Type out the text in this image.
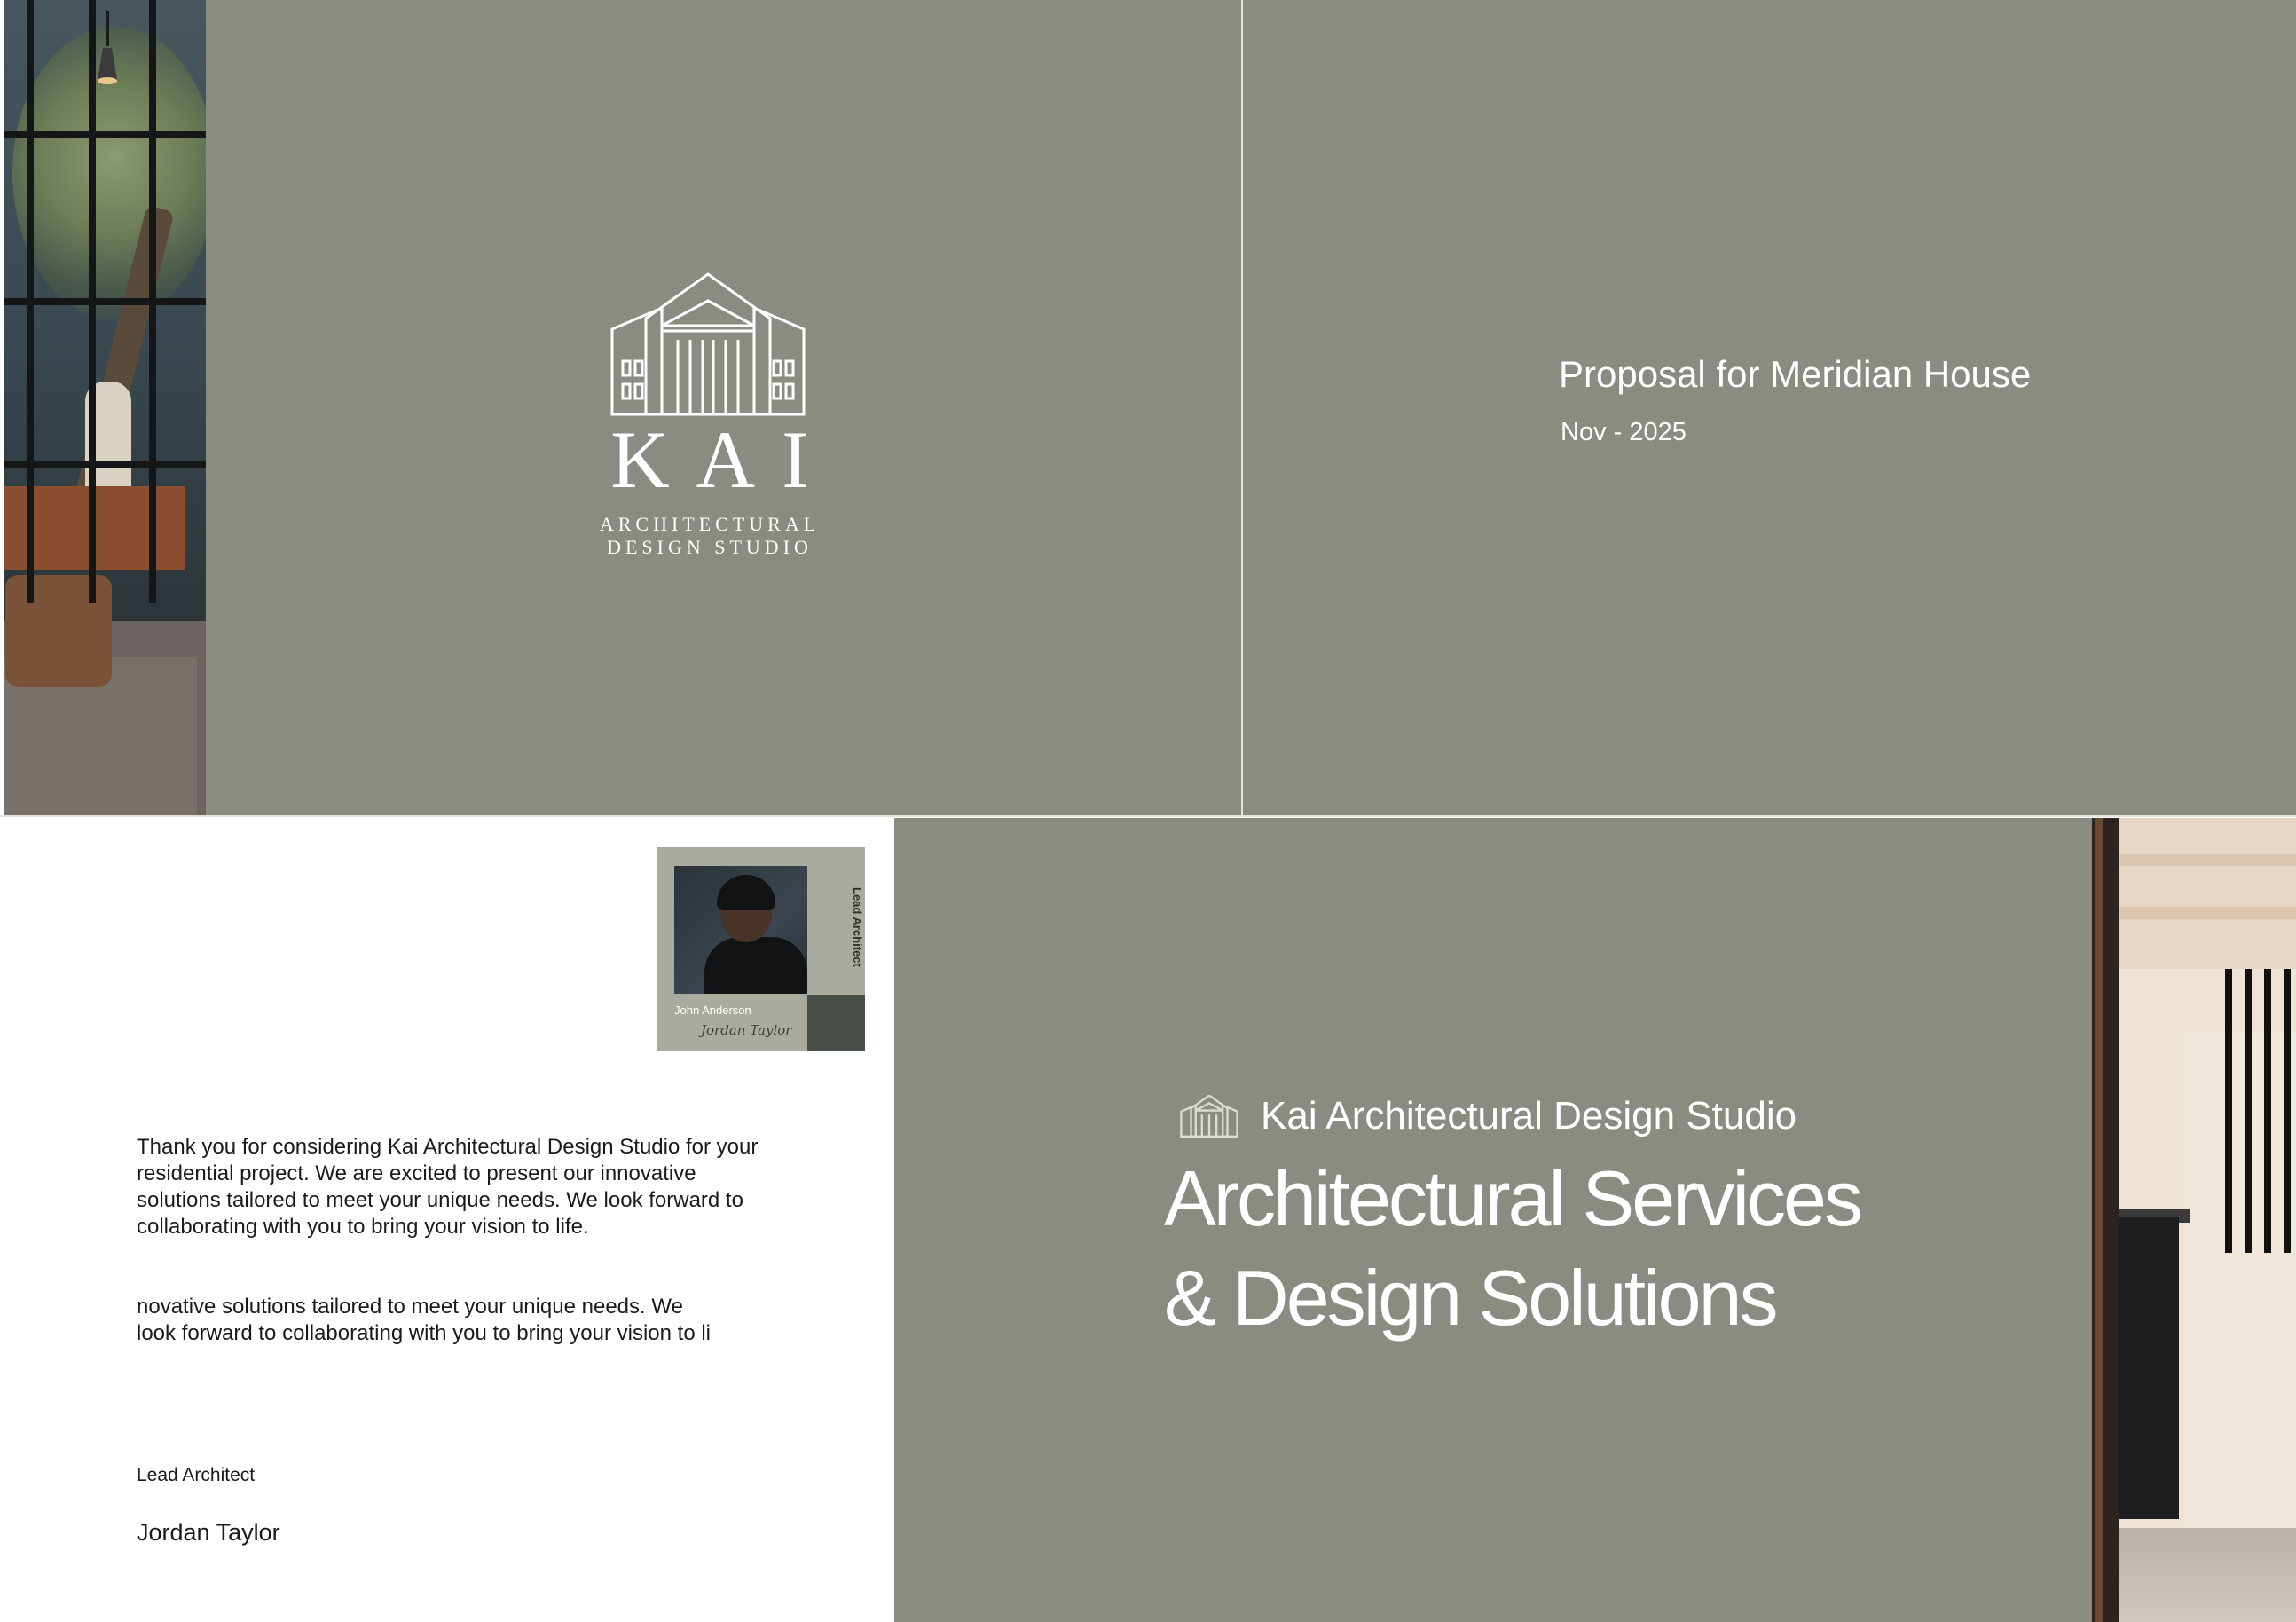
KAI
ARCHITECTURAL
DESIGN STUDIO
Proposal for Meridian House
Nov - 2025
Lead Architect
John Anderson
Jordan Taylor
Thank you for considering Kai Architectural Design Studio for your residential project. We are excited to present our innovative solutions tailored to meet your unique needs. We look forward to collaborating with you to bring your vision to life.
novative solutions tailored to meet your unique needs. We
look forward to collaborating with you to bring your vision to li
Lead Architect
Jordan Taylor
Kai Architectural Design Studio
Architectural Services
& Design Solutions
